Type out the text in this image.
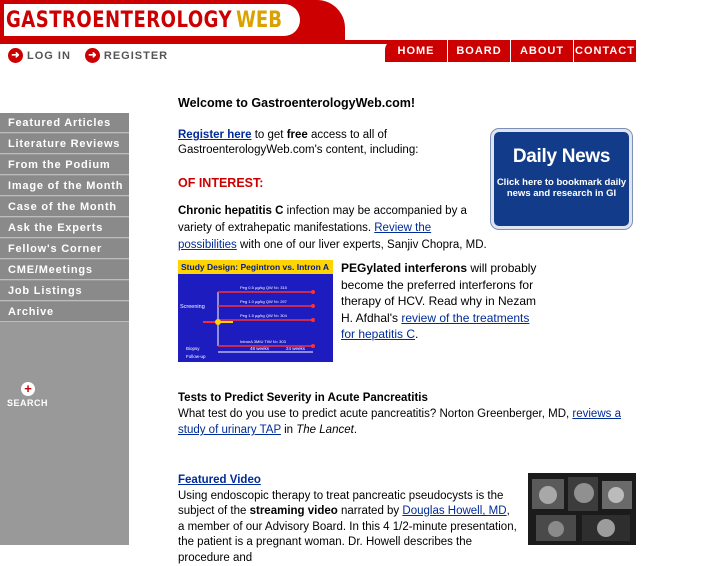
GASTROENTEROLOGY WEB
HOME	BOARD	ABOUT CONTACT
➜ LOG IN	➜ REGISTER
Featured Articles
Literature Reviews
From the Podium
Image of the Month
Case of the Month
Ask the Experts
Fellow's Corner
CME/Meetings
Job Listings
Archive
+
SEARCH
Welcome to GastroenterologyWeb.com!
Register here to get free access to all of GastroenterologyWeb.com's content, including:
OF INTEREST:
Chronic hepatitis C infection may be accompanied by a variety of extrahepatic manifestations. Review the possibilities with one of our liver experts, Sanjiv Chopra, MD.
Study Design: Pegintron vs. Intron A
Screening
Peg 0.5 µg/kg QW N= 315
Peg 1.0 µg/kg QW N= 297
Peg 1.5 µg/kg QW N= 304
IntronA 3MIU TIW N= 303
Biopsy
Follow-up
48 weeks	24 weeks
PEGylated interferons will probably become the preferred interferons for therapy of HCV. Read why in Nezam H. Afdhal's review of the treatments for hepatitis C.
Tests to Predict Severity in Acute Pancreatitis
What test do you use to predict acute pancreatitis? Norton Greenberger, MD, reviews a study of urinary TAP in The Lancet.
Featured Video
Using endoscopic therapy to treat pancreatic pseudocysts is the subject of the streaming video narrated by Douglas Howell, MD, a member of our Advisory Board. In this 4 1/2-minute presentation, the patient is a pregnant woman. Dr. Howell describes the procedure and
Daily News
Click here to bookmark daily news and research in GI
